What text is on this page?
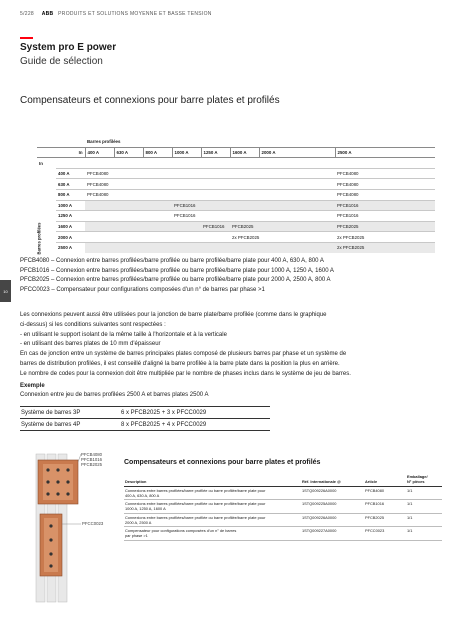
5/228 ABB PRODUITS ET SOLUTIONS MOYENNE ET BASSE TENSION
System pro E power
Guide de sélection
Compensateurs et connexions pour barre plates et profilés
10
Barres profilées
		Barres profilées							
	In	400 A	630 A	800 A	1000 A	1250 A	1600 A	2000 A	2500 A
In									
	400 A	PFCB4080							PFCB4080
	630 A	PFCB4080							PFCB4080
	800 A	PFCB4080							PFCB4080
	1000 A				PFCB1016				PFCB1016
	1250 A				PFCB1016				PFCB1016
	1600 A					PFCB1016	PFCB2025		PFCB2025
	2000 A						2x PFCB2025		2x PFCB2025
	2500 A								2x PFCB2025
PFCB4080 – Connexion entre barres profilées/barre profilée ou barre profilée/barre plate pour 400 A, 630 A, 800 A
PFCB1016 – Connexion entre barres profilées/barre profilée ou barre profilée/barre plate pour 1000 A, 1250 A, 1600 A
PFCB2025 – Connexion entre barres profilées/barre profilée ou barre profilée/barre plate pour 2000 A, 2500 A, 800 A
PFCC0023 – Compensateur pour configurations composées d'un n° de barres par phase >1

Les connexions peuvent aussi être utilisées pour la jonction de barre plate/barre profilée (comme dans le graphique

ci-dessus) si les conditions suivantes sont respectées :

- en utilisant le support isolant de la même taille à l'horizontale et à la verticale

- en utilisant des barres plates de 10 mm d'épaisseur

En cas de jonction entre un système de barres principales plates composé de plusieurs barres par phase et un système de

barres de distribution profilées, il est conseillé d'aligné la barre profilée à la barre plate dans la position la plus en arrière.

Le nombre de codes pour la connexion doit être multipliée par le nombre de phases inclus dans le système de jeu de barres.

Exemple
Connexion entre jeu de barres profilées 2500 A et barres plates 2500 A
Système de barres 3P	6 x PFCB2025 + 3 x PFCC0029
Système de barres 4P	8 x PFCB2025 + 4 x PFCC0029
PFCB4080
PFCB1016
PFCB2025
PFCC0023
Compensateurs et connexions pour barre plates et profilés
Description	Réf. Internationale @	Article	Emballage/
N° pièces

Connexions entre barres profilées/barre profilée ou barre profilée/barre plate pour
400 A, 630 A, 800 A	1STQ009226A0000	PFCB4080	1/1

Connexions entre barres profilées/barre profilée ou barre profilée/barre plate pour
1000 A, 1250 A, 1600 A	1STQ009225A0000	PFCB1016	1/1

Connexions entre barres profilées/barre profilée ou barre profilée/barre plate pour
2000 A, 2500 A	1STQ009226A0000	PFCB2025	1/1

Compensateur pour configurations composées d'un n° de barres
par phase >1	1STQ009227A0000	PFCC0023	1/1
